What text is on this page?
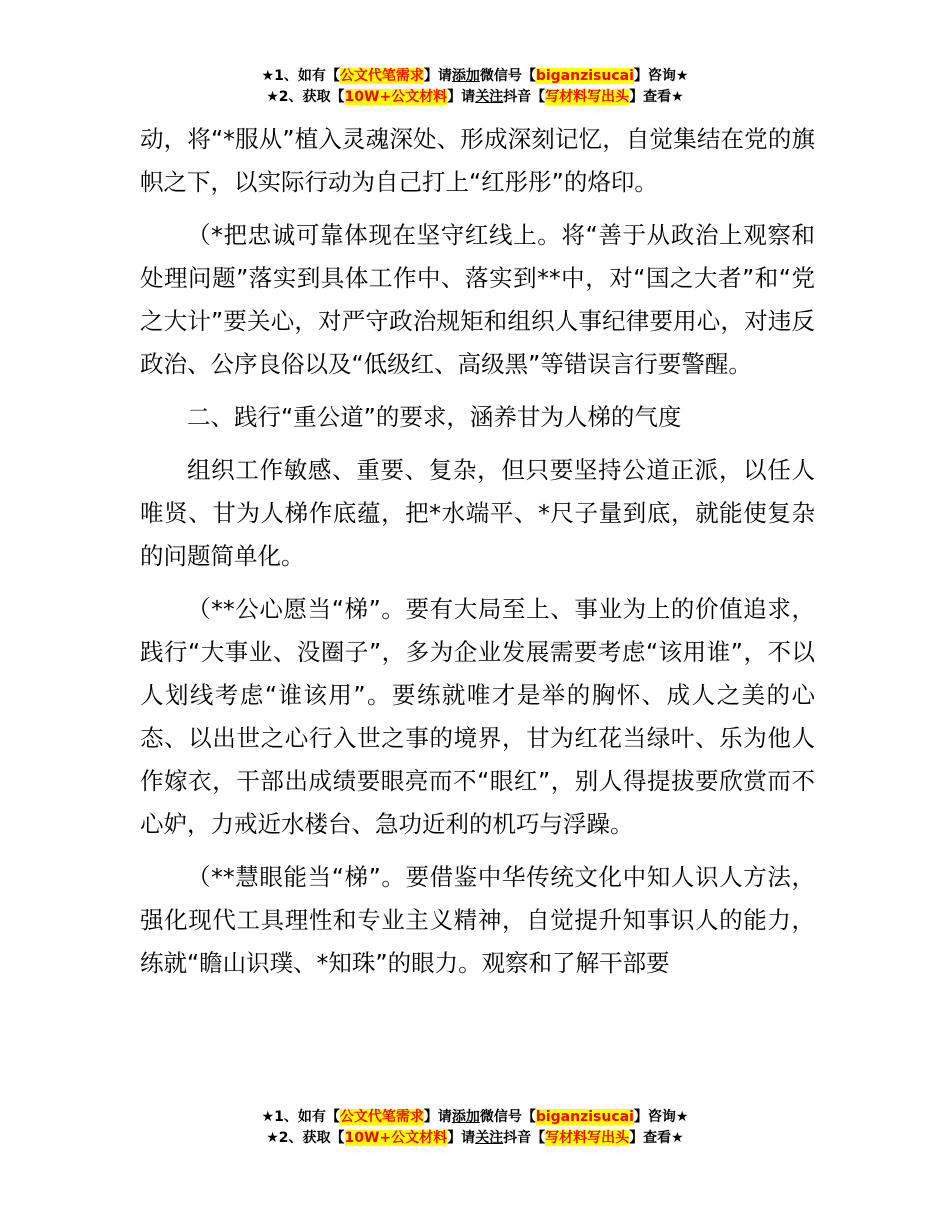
★1、如有【公文代笔需求】请添加微信号【biganzisucai】咨询★
★2、获取【10W+公文材料】请关注抖音【写材料写出头】查看★

动，将“*服从”植入灵魂深处、形成深刻记忆，自觉集结在党的旗帜之下，以实际行动为自己打上“红彤彤”的烙印。

（*把忠诚可靠体现在坚守红线上。将“善于从政治上观察和处理问题”落实到具体工作中、落实到**中，对“国之大者”和“党之大计”要关心，对严守政治规矩和组织人事纪律要用心，对违反政治、公序良俗以及“低级红、高级黑”等错误言行要警醒。

二、践行“重公道”的要求，涵养甘为人梯的气度

组织工作敏感、重要、复杂，但只要坚持公道正派，以任人唯贤、甘为人梯作底蕴，把*水端平、*尺子量到底，就能使复杂的问题简单化。

（**公心愿当“梯”。要有大局至上、事业为上的价值追求，践行“大事业、没圈子”，多为企业发展需要考虑“该用谁”，不以人划线考虑“谁该用”。要练就唯才是举的胸怀、成人之美的心态、以出世之心行入世之事的境界，甘为红花当绿叶、乐为他人作嫁衣，干部出成绩要眼亮而不“眼红”，别人得提拔要欣赏而不心妒，力戒近水楼台、急功近利的机巧与浮躁。

（**慧眼能当“梯”。要借鉴中华传统文化中知人识人方法，强化现代工具理性和专业主义精神，自觉提升知事识人的能力，练就“瞻山识璞、*知珠”的眼力。观察和了解干部要

★1、如有【公文代笔需求】请添加微信号【biganzisucai】咨询★
★2、获取【10W+公文材料】请关注抖音【写材料写出头】查看★
